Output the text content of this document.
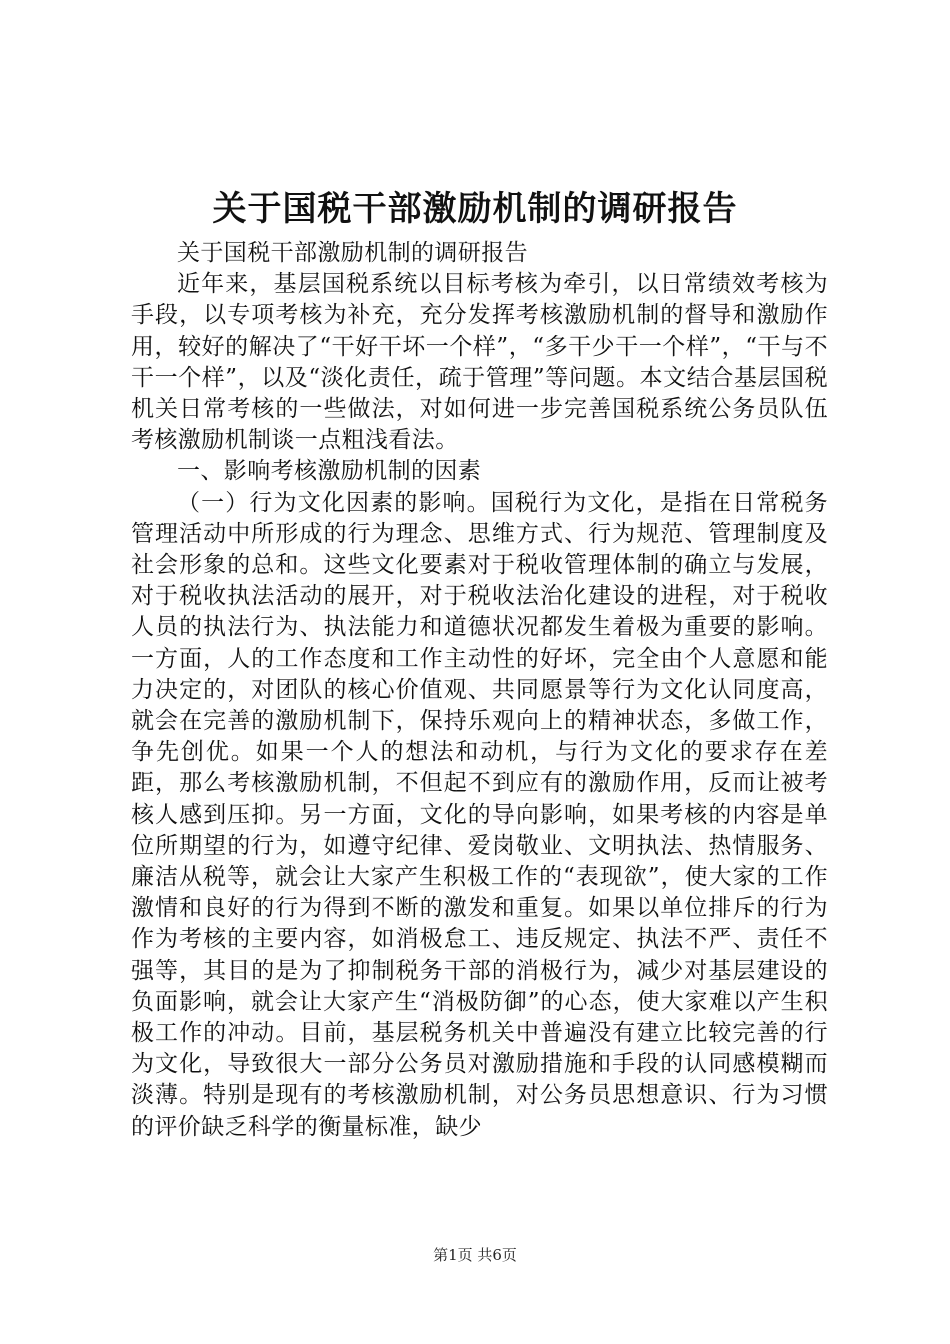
关于国税干部激励机制的调研报告

关于国税干部激励机制的调研报告

近年来，基层国税系统以目标考核为牵引，以日常绩效考核为手段，以专项考核为补充，充分发挥考核激励机制的督导和激励作用，较好的解决了“干好干坏一个样”，“多干少干一个样”，“干与不干一个样”，以及“淡化责任，疏于管理”等问题。本文结合基层国税机关日常考核的一些做法，对如何进一步完善国税系统公务员队伍考核激励机制谈一点粗浅看法。

一、影响考核激励机制的因素

（一）行为文化因素的影响。国税行为文化，是指在日常税务管理活动中所形成的行为理念、思维方式、行为规范、管理制度及社会形象的总和。这些文化要素对于税收管理体制的确立与发展，对于税收执法活动的展开，对于税收法治化建设的进程，对于税收人员的执法行为、执法能力和道德状况都发生着极为重要的影响。一方面，人的工作态度和工作主动性的好坏，完全由个人意愿和能力决定的，对团队的核心价值观、共同愿景等行为文化认同度高，就会在完善的激励机制下，保持乐观向上的精神状态，多做工作，争先创优。如果一个人的想法和动机，与行为文化的要求存在差距，那么考核激励机制，不但起不到应有的激励作用，反而让被考核人感到压抑。另一方面，文化的导向影响，如果考核的内容是单位所期望的行为，如遵守纪律、爱岗敬业、文明执法、热情服务、廉洁从税等，就会让大家产生积极工作的“表现欲”，使大家的工作激情和良好的行为得到不断的激发和重复。如果以单位排斥的行为作为考核的主要内容，如消极怠工、违反规定、执法不严、责任不强等，其目的是为了抑制税务干部的消极行为，减少对基层建设的负面影响，就会让大家产生“消极防御”的心态，使大家难以产生积极工作的冲动。目前，基层税务机关中普遍没有建立比较完善的行为文化，导致很大一部分公务员对激励措施和手段的认同感模糊而淡薄。特别是现有的考核激励机制，对公务员思想意识、行为习惯的评价缺乏科学的衡量标准，缺少

第1页 共6页
